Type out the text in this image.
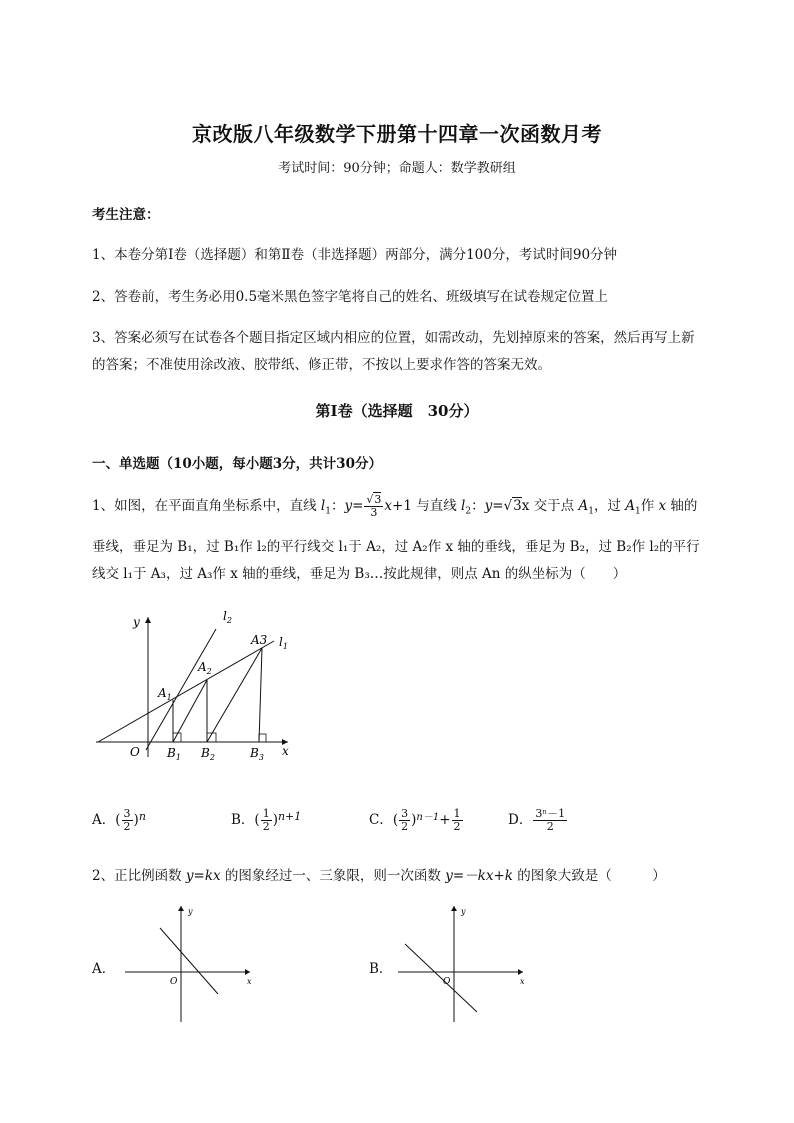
京改版八年级数学下册第十四章一次函数月考
考试时间：90分钟；命题人：数学教研组
考生注意：
1、本卷分第Ⅰ卷（选择题）和第Ⅱ卷（非选择题）两部分，满分100分，考试时间90分钟
2、答卷前，考生务必用0.5毫米黑色签字笔将自己的姓名、班级填写在试卷规定位置上
3、答案必须写在试卷各个题目指定区域内相应的位置，如需改动，先划掉原来的答案，然后再写上新
的答案；不准使用涂改液、胶带纸、修正带，不按以上要求作答的答案无效。
第Ⅰ卷（选择题　30分）
一、单选题（10小题，每小题3分，共计30分）
1、如图，在平面直角坐标系中，直线 $l_1$：$y= \frac{√3}{3} x+1$ 与直线 $l_2$：y=√3x 交于点 $A_1$，过 $A_1$作 x 轴的
垂线，垂足为 B₁，过 B₁作 l₂的平行线交 l₁于 A₂，过 A₂作 x 轴的垂线，垂足为 B₂，过 B₂作 l₂的平行
线交 l₁于 A₃，过 A₃作 x 轴的垂线，垂足为 B₃…按此规律，则点 An 的纵坐标为（　　）
y
x
O
$l_2$
$l_1$
$A_1$
$A_2$
A3
$B_1$ $B_2$	$B_3$
A．( $\frac{3}{2} )^n$	B．( $\frac{1}{2} )^{n+1}$	C．( $\frac{3}{2} )^{n-1}+ \frac{1}{2}$	D． $\frac{\text{3ⁿ－1}}{2}$
2、正比例函数 y=kx 的图象经过一、三象限，则一次函数 y=－kx+k 的图象大致是（　　　）
A．
y
x
O
B．
y
x
O
